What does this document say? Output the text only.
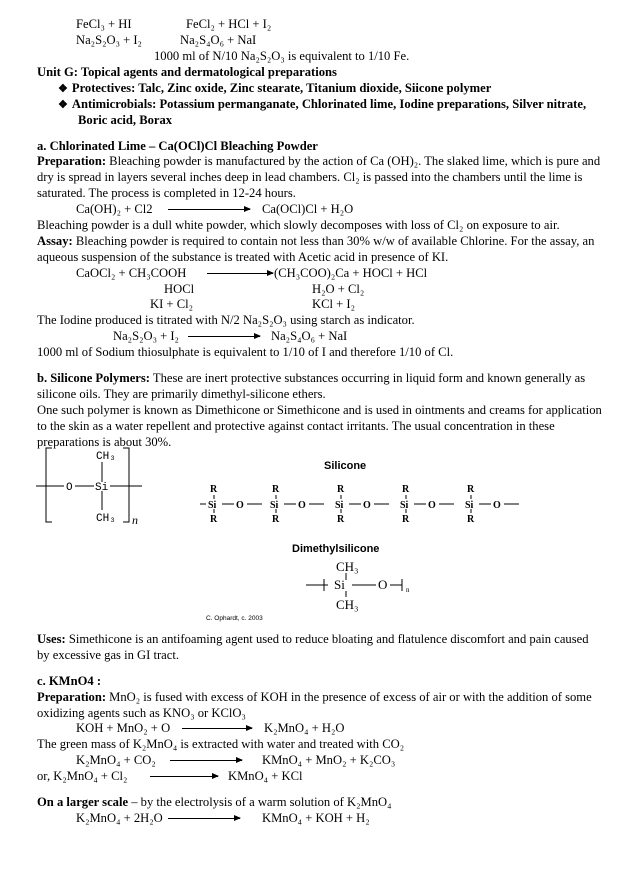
FeCl₃ + HI	FeCl₂ + HCl + I₂
Na₂S₂O₃ + I₂	Na₂S₄O₆ + NaI
1000 ml of N/10 Na₂S₂O₃ is equivalent to 1/10 Fe.
Unit G: Topical agents and dermatological preparations
❖ Protectives: Talc, Zinc oxide, Zinc stearate, Titanium dioxide, Siicone polymer
❖ Antimicrobials: Potassium permanganate, Chlorinated lime, Iodine preparations, Silver nitrate,
Boric acid, Borax
a. Chlorinated Lime – Ca(OCl)Cl Bleaching Powder
Preparation: Bleaching powder is manufactured by the action of Ca (OH)₂. The slaked lime, which is pure and
dry is spread in layers several inches deep in lead chambers. Cl₂ is passed into the chambers until the lime is
saturated. The process is completed in 12-24 hours.
Ca(OH)₂ + Cl2	Ca(OCl)Cl + H₂O
Bleaching powder is a dull white powder, which slowly decomposes with loss of Cl₂ on exposure to air.
Assay: Bleaching powder is required to contain not less than 30% w/w of available Chlorine. For the assay, an
aqueous suspension of the substance is treated with Acetic acid in presence of KI.
CaOCl₂ + CH₃COOH	(CH₃COO)₂Ca + HOCl + HCl
HOCl	H₂O + Cl₂
KI + Cl₂	KCl + I₂
The Iodine produced is titrated with N/2 Na₂S₂O₃ using starch as indicator.
Na₂S₂O₃ + I₂	Na₂S₄O₆ + NaI
1000 ml of Sodium thiosulphate is equivalent to 1/10 of I and therefore 1/10 of Cl.
b. Silicone Polymers: These are inert protective substances occurring in liquid form and known generally as
silicone oils. They are primarily dimethyl-silicone ethers.
One such polymer is known as Dimethicone or Simethicone and is used in ointments and creams for application
to the skin as a water repellent and protective against contact irritants. The usual concentration in these
preparations is about 30%.
CH₃
O Si
CH₃ n
Silicone
R
Si
R
O
R
Si
R
O
R
Si
R
O
R
Si
R
O
R
Si
R
O
Dimethylsilicone
CH₃
Si	O	n
CH₃
C. Ophardt, c. 2003
Uses: Simethicone is an antifoaming agent used to reduce bloating and flatulence discomfort and pain caused
by excessive gas in GI tract.
c. KMnO4 :
Preparation: MnO₂ is fused with excess of KOH in the presence of excess of air or with the addition of some
oxidizing agents such as KNO₃ or KClO₃
KOH + MnO₂ + O	K₂MnO₄ + H₂O
The green mass of K₂MnO₄ is extracted with water and treated with CO₂
K₂MnO₄ + CO₂	KMnO₄ + MnO₂ + K₂CO₃
or, K₂MnO₄ + Cl₂	KMnO₄ + KCl
On a larger scale – by the electrolysis of a warm solution of K₂MnO₄
K₂MnO₄ + 2H₂O	KMnO₄ + KOH + H₂
